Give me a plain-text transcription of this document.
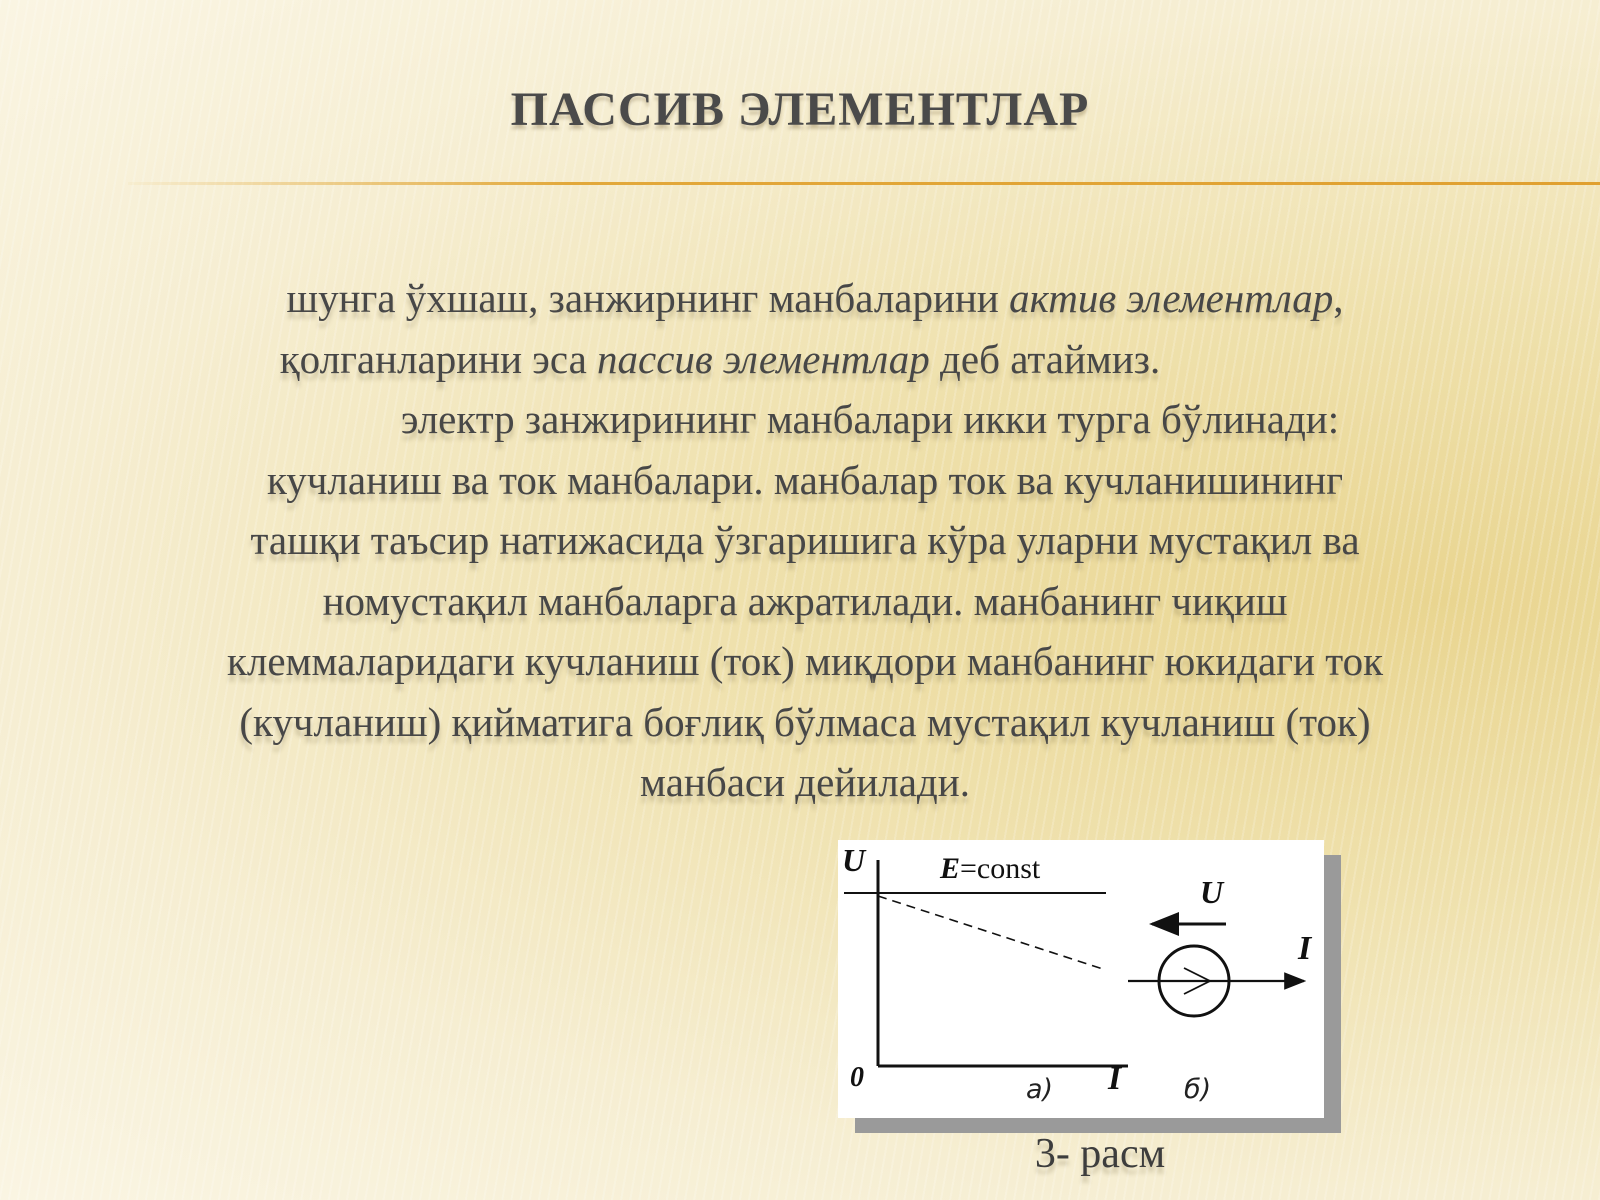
ПАССИВ ЭЛЕМЕНТЛАР
шунга ўхшаш, занжирнинг манбаларини актив элементлар,
қолганларини эса пассив элементлар деб атаймиз.
электр занжирининг манбалари икки турга бўлинади:
кучланиш ва ток манбалари. манбалар ток ва кучланишининг
ташқи таъсир натижасида ўзгаришига кўра уларни мустақил ва
номустақил манбаларга ажратилади. манбанинг чиқиш
клеммаларидаги кучланиш (ток) миқдори манбанинг юкидаги ток
(кучланиш) қийматига боғлиқ бўлмаса мустақил кучланиш (ток)
манбаси дейилади.
U E=const
0	а) I б)
U
I
3- расм
